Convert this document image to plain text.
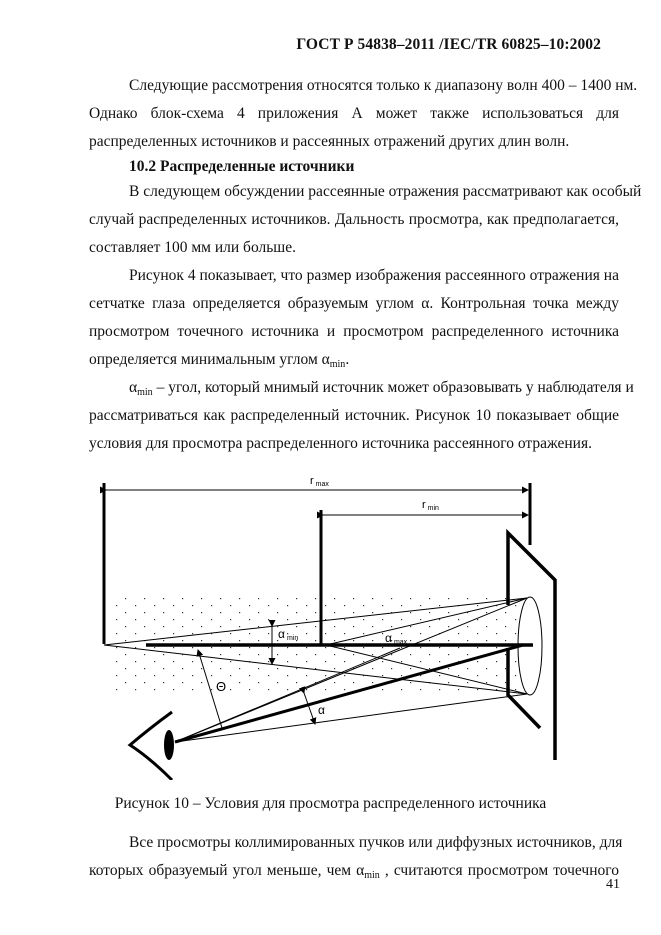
ГОСТ Р 54838–2011 /IEC/TR 60825–10:2002
Следующие рассмотрения относятся только к диапазону волн 400 – 1400 нм.
Однако блок-схема 4 приложения А может также использоваться для
распределенных источников и рассеянных отражений других длин волн.
10.2 Распределенные источники
В следующем обсуждении рассеянные отражения рассматривают как особый
случай распределенных источников. Дальность просмотра, как предполагается,
составляет 100 мм или больше.
Рисунок 4 показывает, что размер изображения рассеянного отражения на
сетчатке глаза определяется образуемым углом α. Контрольная точка между
просмотром точечного источника и просмотром распределенного источника
определяется минимальным углом $\alpha_{min}$.
$\alpha_{min}$ – угол, который мнимый источник может образовывать у наблюдателя и
рассматриваться как распределенный источник. Рисунок 10 показывает общие
условия для просмотра распределенного источника рассеянного отражения.
rmax
rmin
αmin	αmax
Θ
α
Рисунок 10 – Условия для просмотра распределенного источника
Все просмотры коллимированных пучков или диффузных источников, для
которых образуемый угол меньше, чем $\alpha_{min}$ , считаются просмотром точечного
41
